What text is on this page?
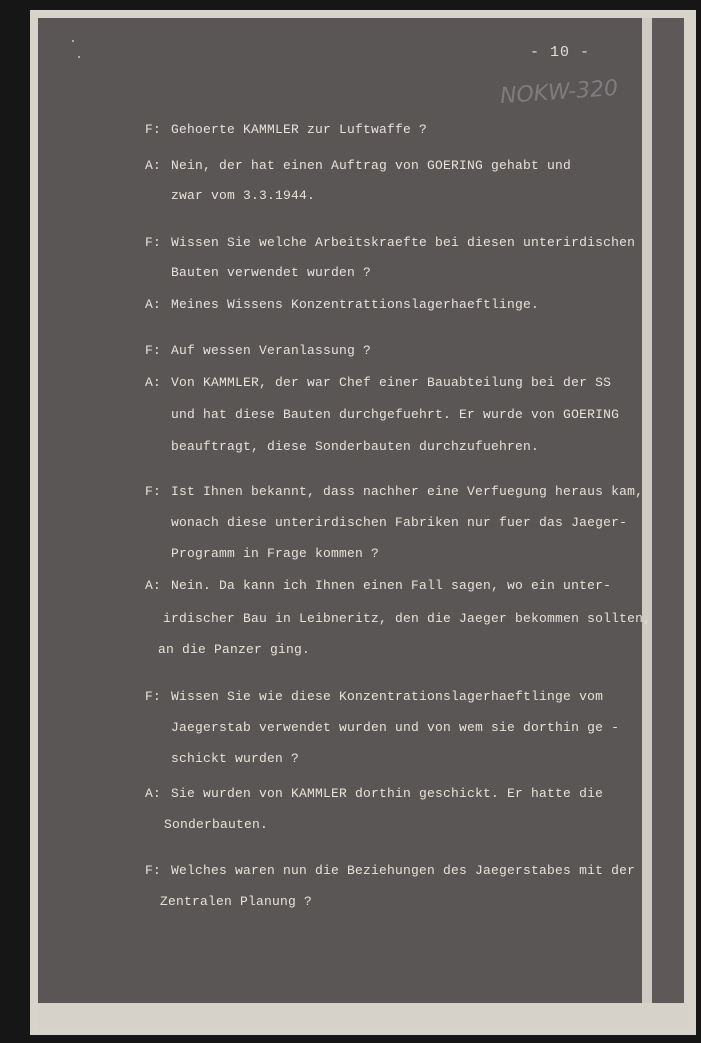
- 10 -
NOKW-320
F: Gehoerte KAMMLER zur Luftwaffe ?
A: Nein, der hat einen Auftrag von GOERING gehabt und
zwar vom 3.3.1944.
F: Wissen Sie welche Arbeitskraefte bei diesen unterirdischen
Bauten verwendet wurden ?
A: Meines Wissens Konzentrattionslagerhaeftlinge.
F: Auf wessen Veranlassung ?
A: Von KAMMLER, der war Chef einer Bauabteilung bei der SS
und hat diese Bauten durchgefuehrt. Er wurde von GOERING
beauftragt, diese Sonderbauten durchzufuehren.
F: Ist Ihnen bekannt, dass nachher eine Verfuegung heraus kam,
wonach diese unterirdischen Fabriken nur fuer das Jaeger-
Programm in Frage kommen ?
A: Nein. Da kann ich Ihnen einen Fall sagen, wo ein unter-
irdischer Bau in Leibneritz, den die Jaeger bekommen sollten,
an die Panzer ging.
F: Wissen Sie wie diese Konzentrationslagerhaeftlinge vom
Jaegerstab verwendet wurden und von wem sie dorthin ge -
schickt wurden ?
A: Sie wurden von KAMMLER dorthin geschickt. Er hatte die
Sonderbauten.
F: Welches waren nun die Beziehungen des Jaegerstabes mit der
Zentralen Planung ?
